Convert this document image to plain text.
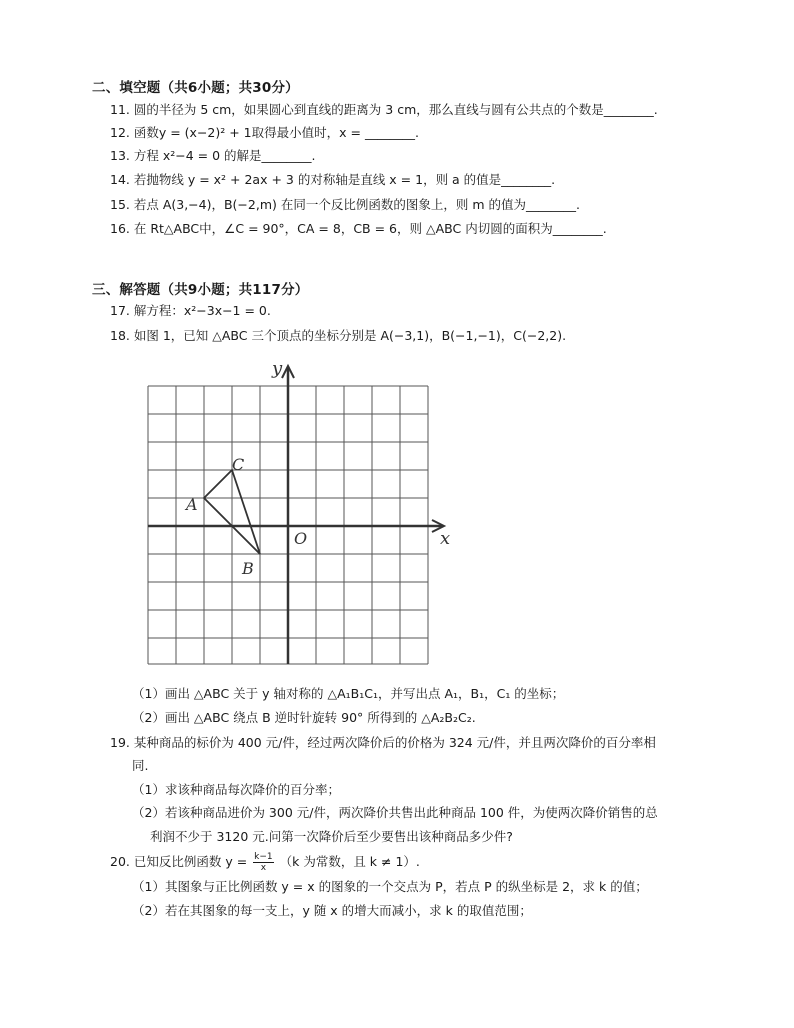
二、填空题（共6小题；共30分）
11. 圆的半径为 5 cm，如果圆心到直线的距离为 3 cm，那么直线与圆有公共点的个数是________.
12. 函数y = (x−2)² + 1取得最小值时，x = ________.
13. 方程 x²−4 = 0 的解是________.
14. 若抛物线 y = x² + 2ax + 3 的对称轴是直线 x = 1，则 a 的值是________.
15. 若点 A(3,−4)，B(−2,m) 在同一个反比例函数的图象上，则 m 的值为________.
16. 在 Rt△ABC中，∠C = 90°，CA = 8，CB = 6，则 △ABC 内切圆的面积为________.
三、解答题（共9小题；共117分）
17. 解方程：x²−3x−1 = 0.
18. 如图 1，已知 △ABC 三个顶点的坐标分别是 A(−3,1)，B(−1,−1)，C(−2,2).
x
y
O
A
B
C
（1）画出 △ABC 关于 y 轴对称的 △A₁B₁C₁，并写出点 A₁，B₁，C₁ 的坐标；
（2）画出 △ABC 绕点 B 逆时针旋转 90° 所得到的 △A₂B₂C₂.
19. 某种商品的标价为 400 元/件，经过两次降价后的价格为 324 元/件，并且两次降价的百分率相
同.
（1）求该种商品每次降价的百分率；
（2）若该种商品进价为 300 元/件，两次降价共售出此种商品 100 件，为使两次降价销售的总
利润不少于 3120 元.问第一次降价后至少要售出该种商品多少件?
20. 已知反比例函数 $y = \frac{k-1}{x} (k$ 为常数，且 k ≠ 1）.
（1）其图象与正比例函数 y = x 的图象的一个交点为 P，若点 P 的纵坐标是 2，求 k 的值；
（2）若在其图象的每一支上，y 随 x 的增大而减小，求 k 的取值范围；
